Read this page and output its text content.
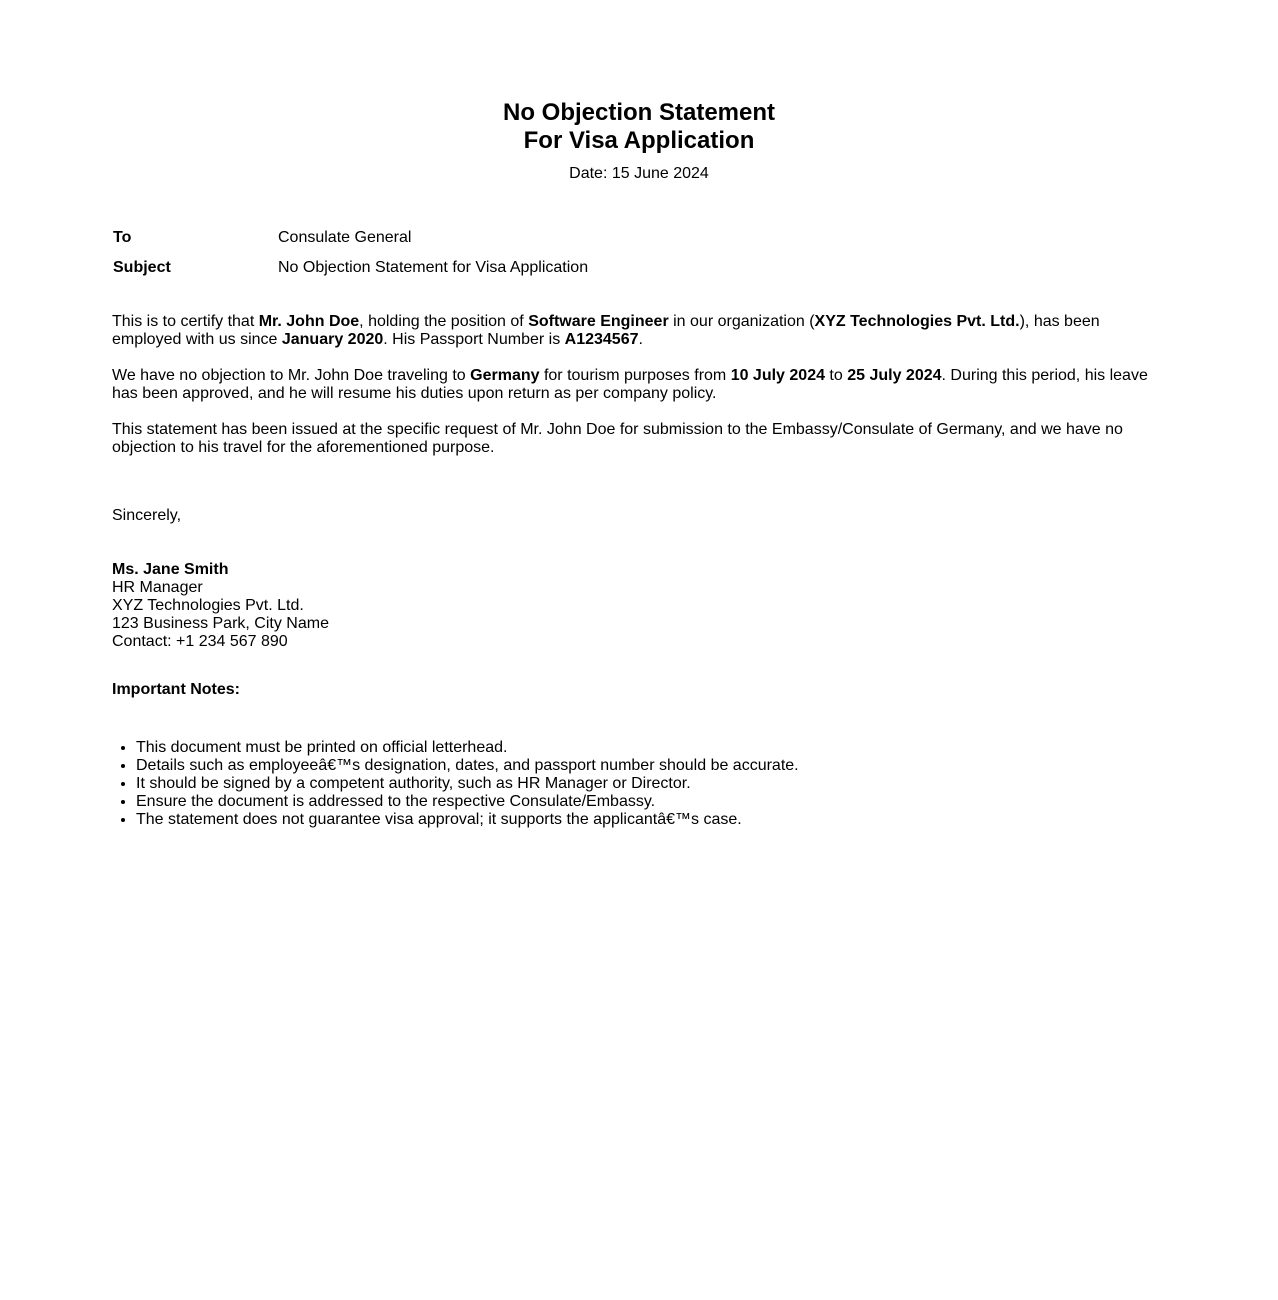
No Objection Statement
For Visa Application
Date: 15 June 2024
To	Consulate General
Subject	No Objection Statement for Visa Application

This is to certify that Mr. John Doe, holding the position of Software Engineer in our organization (XYZ Technologies Pvt. Ltd.), has been employed with us since January 2020. His Passport Number is A1234567.

We have no objection to Mr. John Doe traveling to Germany for tourism purposes from 10 July 2024 to 25 July 2024. During this period, his leave has been approved, and he will resume his duties upon return as per company policy.

This statement has been issued at the specific request of Mr. John Doe for submission to the Embassy/Consulate of Germany, and we have no objection to his travel for the aforementioned purpose.

Sincerely,
Ms. Jane Smith
HR Manager
XYZ Technologies Pvt. Ltd.
123 Business Park, City Name
Contact: +1 234 567 890
Important Notes:
• This document must be printed on official letterhead.
• Details such as employeeâ€™s designation, dates, and passport number should be accurate.
• It should be signed by a competent authority, such as HR Manager or Director.
• Ensure the document is addressed to the respective Consulate/Embassy.
• The statement does not guarantee visa approval; it supports the applicantâ€™s case.
